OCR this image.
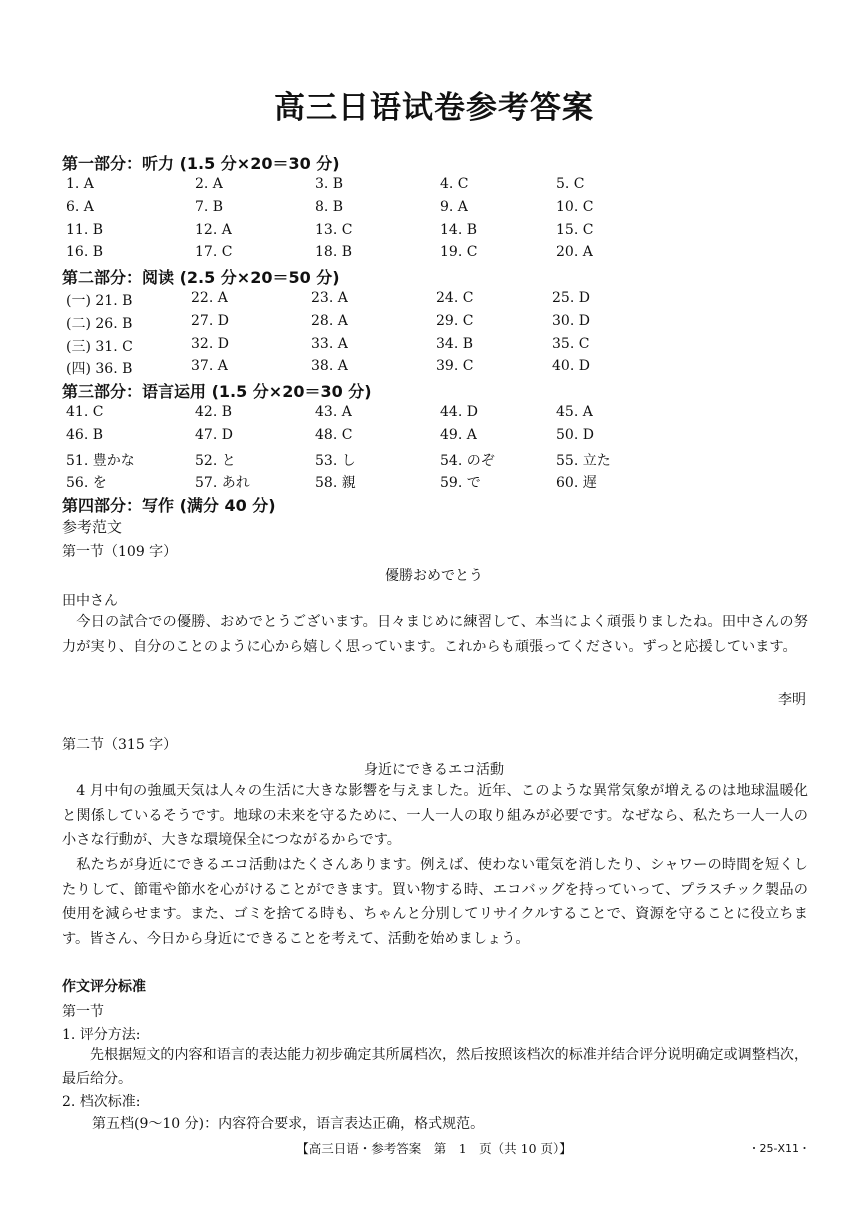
高三日语试卷参考答案
第一部分：听力 (1.5 分×20＝30 分)
1. A	2. A	3. B	4. C	5. C
6. A	7. B	8. B	9. A	10. C
11. B	12. A	13. C	14. B	15. C
16. B	17. C	18. B	19. C	20. A
第二部分：阅读 (2.5 分×20＝50 分)
(一) 21. B	22. A	23. A	24. C	25. D
(二) 26. B	27. D	28. A	29. C	30. D
(三) 31. C	32. D	33. A	34. B	35. C
(四) 36. B	37. A	38. A	39. C	40. D
第三部分：语言运用 (1.5 分×20＝30 分)
41. C	42. B	43. A	44. D	45. A
46. B	47. D	48. C	49. A	50. D
51. 豊かな	52. と	53. し	54. のぞ	55. 立た
56. を	57. あれ	58. 親	59. で	60. 遅
第四部分：写作 (满分 40 分)
参考范文
第一节（109 字）
優勝おめでとう
田中さん
今日の試合での優勝、おめでとうございます。日々まじめに練習して、本当によく頑張りましたね。田中さんの努力が実り、自分のことのように心から嬉しく思っています。これからも頑張ってください。ずっと応援しています。
李明
第二节（315 字）
身近にできるエコ活動
4 月中旬の強風天気は人々の生活に大きな影響を与えました。近年、このような異常気象が増えるのは地球温暖化と関係しているそうです。地球の未来を守るために、一人一人の取り組みが必要です。なぜなら、私たち一人一人の小さな行動が、大きな環境保全につながるからです。
私たちが身近にできるエコ活動はたくさんあります。例えば、使わない電気を消したり、シャワーの時間を短くしたりして、節電や節水を心がけることができます。買い物する時、エコバッグを持っていって、プラスチック製品の使用を減らせます。また、ゴミを捨てる時も、ちゃんと分別してリサイクルすることで、資源を守ることに役立ちます。皆さん、今日から身近にできることを考えて、活動を始めましょう。
作文评分标准
第一节
1. 评分方法:
先根据短文的内容和语言的表达能力初步确定其所属档次，然后按照该档次的标准并结合评分说明确定或调整档次，最后给分。
2. 档次标准:
第五档(9～10 分)：内容符合要求，语言表达正确，格式规范。
【高三日语・参考答案　第　1　页（共 10 页）】	・25-X11・
